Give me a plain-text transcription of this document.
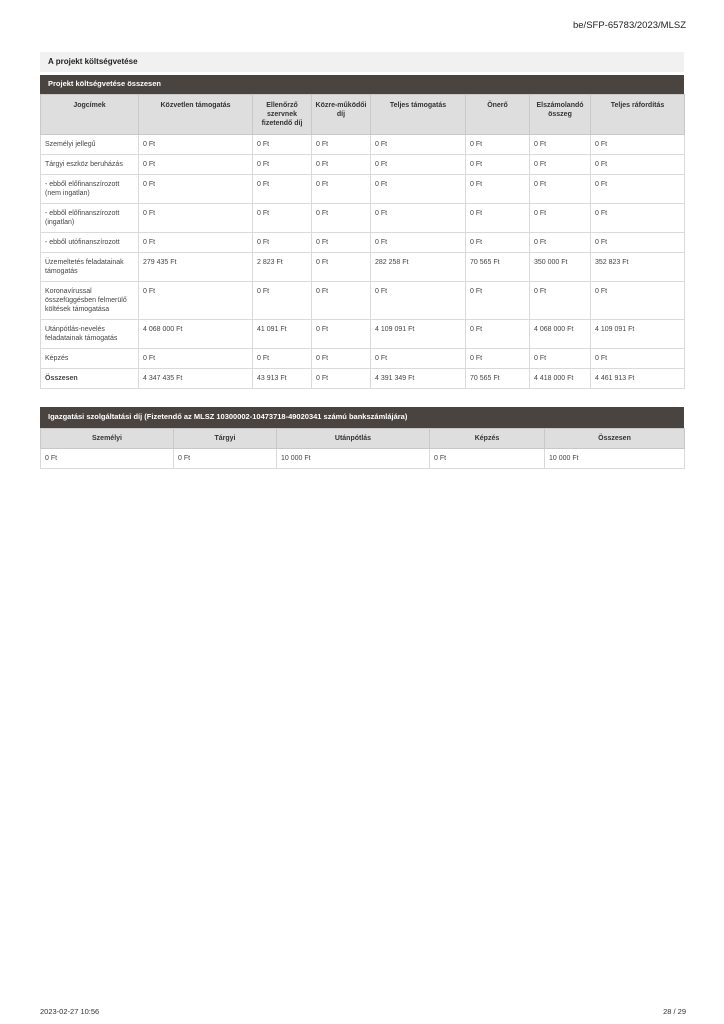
be/SFP-65783/2023/MLSZ
A projekt költségvetése
Projekt költségvetése összesen
Jogcímek	Közvetlen támogatás	Ellenőrző szervnek fizetendő díj	Közre-működői díj	Teljes támogatás	Önerő	Elszámolandó összeg	Teljes ráfordítás
Személyi jellegű	0 Ft	0 Ft	0 Ft	0 Ft	0 Ft	0 Ft	0 Ft
Tárgyi eszköz beruházás	0 Ft	0 Ft	0 Ft	0 Ft	0 Ft	0 Ft	0 Ft
- ebből előfinanszírozott (nem ingatlan)	0 Ft	0 Ft	0 Ft	0 Ft	0 Ft	0 Ft	0 Ft
- ebből előfinanszírozott (ingatlan)	0 Ft	0 Ft	0 Ft	0 Ft	0 Ft	0 Ft	0 Ft
- ebből utófinanszírozott	0 Ft	0 Ft	0 Ft	0 Ft	0 Ft	0 Ft	0 Ft
Üzemeltetés feladatainak támogatás	279 435 Ft	2 823 Ft	0 Ft	282 258 Ft	70 565 Ft	350 000 Ft	352 823 Ft
Koronavírussal összefüggésben felmerülő költések támogatása	0 Ft	0 Ft	0 Ft	0 Ft	0 Ft	0 Ft	0 Ft
Utánpótlás-nevelés feladatainak támogatás	4 068 000 Ft	41 091 Ft	0 Ft	4 109 091 Ft	0 Ft	4 068 000 Ft	4 109 091 Ft
Képzés	0 Ft	0 Ft	0 Ft	0 Ft	0 Ft	0 Ft	0 Ft
Összesen	4 347 435 Ft	43 913 Ft	0 Ft	4 391 349 Ft	70 565 Ft	4 418 000 Ft	4 461 913 Ft
Igazgatási szolgáltatási díj (Fizetendő az MLSZ 10300002-10473718-49020341 számú bankszámlájára)
Személyi	Tárgyi	Utánpótlás	Képzés	Összesen
0 Ft	0 Ft	10 000 Ft	0 Ft	10 000 Ft
2023-02-27 10:56	28 / 29
